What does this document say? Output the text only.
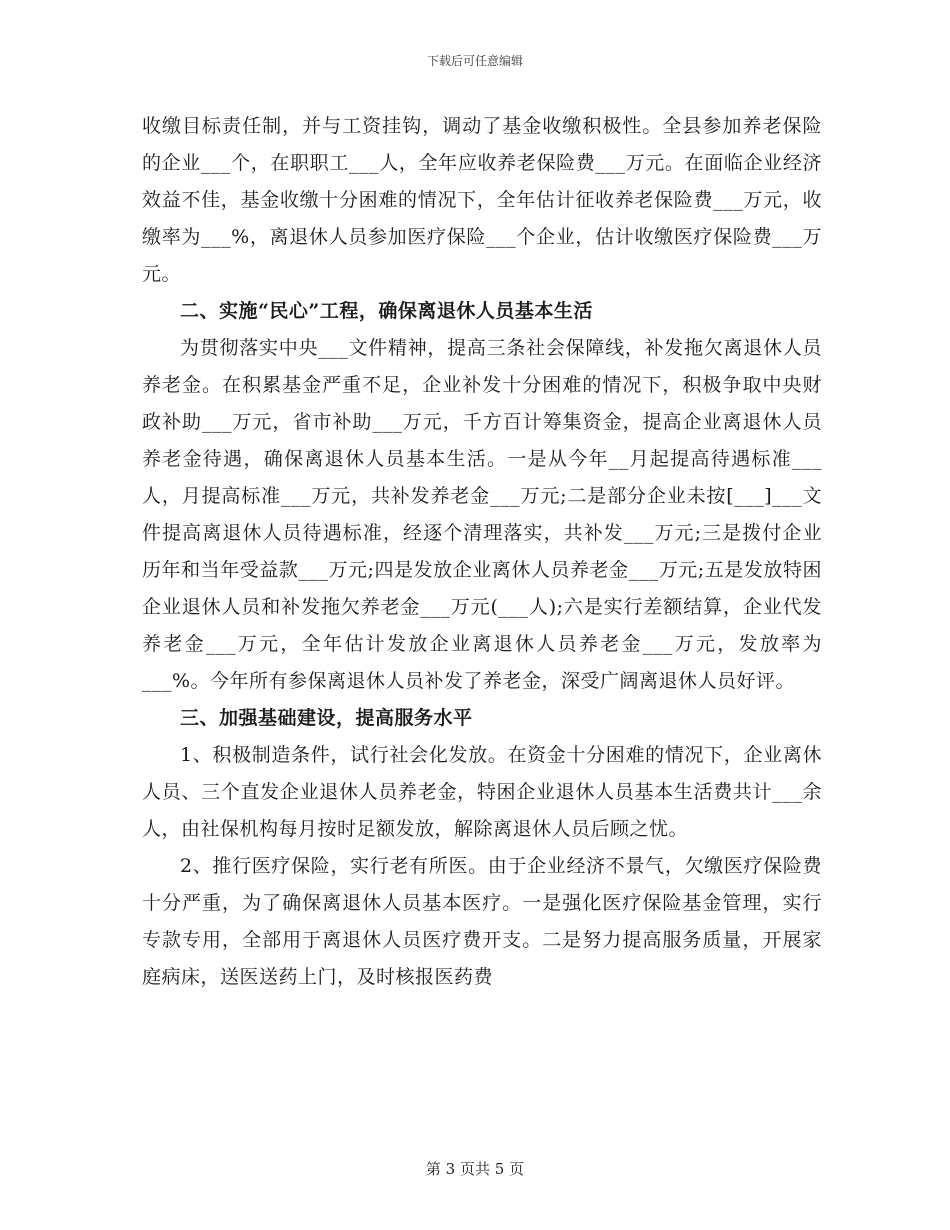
下载后可任意编辑

收缴目标责任制，并与工资挂钩，调动了基金收缴积极性。全县参加养老保险的企业___个，在职职工___人，全年应收养老保险费___万元。在面临企业经济效益不佳，基金收缴十分困难的情况下，全年估计征收养老保险费___万元，收缴率为___%，离退休人员参加医疗保险___个企业，估计收缴医疗保险费___万元。

二、实施“民心”工程，确保离退休人员基本生活

为贯彻落实中央___文件精神，提高三条社会保障线，补发拖欠离退休人员养老金。在积累基金严重不足，企业补发十分困难的情况下，积极争取中央财政补助___万元，省市补助___万元，千方百计筹集资金，提高企业离退休人员养老金待遇，确保离退休人员基本生活。一是从今年__月起提高待遇标准___人，月提高标准___万元，共补发养老金___万元;二是部分企业未按[___]___文件提高离退休人员待遇标准，经逐个清理落实，共补发___万元;三是拨付企业历年和当年受益款___万元;四是发放企业离休人员养老金___万元;五是发放特困企业退休人员和补发拖欠养老金___万元(___人);六是实行差额结算，企业代发养老金___万元，全年估计发放企业离退休人员养老金___万元，发放率为___%。今年所有参保离退休人员补发了养老金，深受广阔离退休人员好评。

三、加强基础建设，提高服务水平

1、积极制造条件，试行社会化发放。在资金十分困难的情况下，企业离休人员、三个直发企业退休人员养老金，特困企业退休人员基本生活费共计___余人，由社保机构每月按时足额发放，解除离退休人员后顾之忧。

2、推行医疗保险，实行老有所医。由于企业经济不景气，欠缴医疗保险费十分严重，为了确保离退休人员基本医疗。一是强化医疗保险基金管理，实行专款专用，全部用于离退休人员医疗费开支。二是努力提高服务质量，开展家庭病床，送医送药上门，及时核报医药费

第 3 页共 5 页
